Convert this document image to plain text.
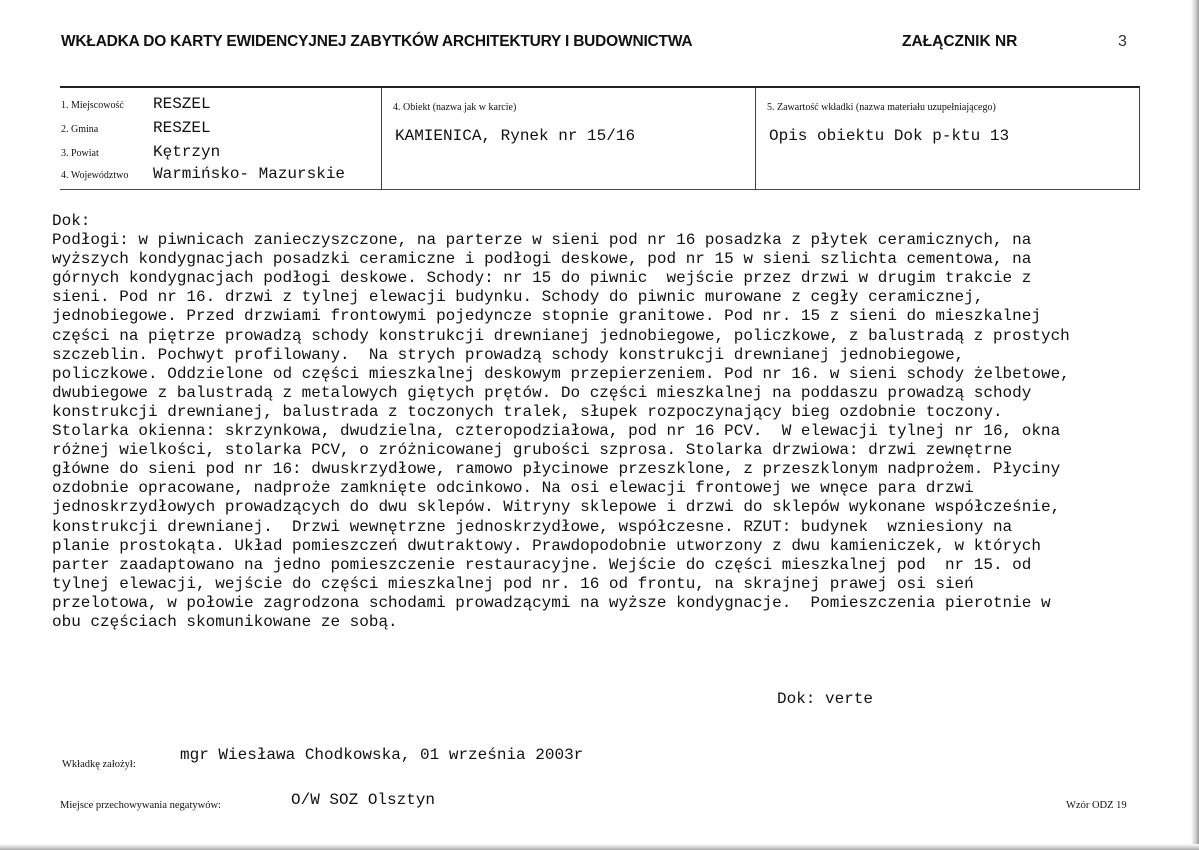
WKŁADKA DO KARTY EWIDENCYJNEJ ZABYTKÓW ARCHITEKTURY I BUDOWNICTWA	ZAŁĄCZNIK NR	3
1. Miejscowość RESZEL
2. Gmina	RESZEL
3. Powiat	Kętrzyn
4. Województwo Warmińsko- Mazurskie
4. Obiekt (nazwa jak w karcie)
KAMIENICA, Rynek nr 15/16
5. Zawartość wkładki (nazwa materiału uzupełniającego)
Opis obiektu Dok p-ktu 13
Dok:
Podłogi: w piwnicach zanieczyszczone, na parterze w sieni pod nr 16 posadzka z płytek ceramicznych, na
wyższych kondygnacjach posadzki ceramiczne i podłogi deskowe, pod nr 15 w sieni szlichta cementowa, na
górnych kondygnacjach podłogi deskowe. Schody: nr 15 do piwnic  wejście przez drzwi w drugim trakcie z
sieni. Pod nr 16. drzwi z tylnej elewacji budynku. Schody do piwnic murowane z cegły ceramicznej,
jednobiegowe. Przed drzwiami frontowymi pojedyncze stopnie granitowe. Pod nr. 15 z sieni do mieszkalnej
części na piętrze prowadzą schody konstrukcji drewnianej jednobiegowe, policzkowe, z balustradą z prostych
szczeblin. Pochwyt profilowany.  Na strych prowadzą schody konstrukcji drewnianej jednobiegowe,
policzkowe. Oddzielone od części mieszkalnej deskowym przepierzeniem. Pod nr 16. w sieni schody żelbetowe,
dwubiegowe z balustradą z metalowych giętych prętów. Do części mieszkalnej na poddaszu prowadzą schody
konstrukcji drewnianej, balustrada z toczonych tralek, słupek rozpoczynający bieg ozdobnie toczony.
Stolarka okienna: skrzynkowa, dwudzielna, czteropodziałowa, pod nr 16 PCV.  W elewacji tylnej nr 16, okna
różnej wielkości, stolarka PCV, o zróżnicowanej grubości szprosa. Stolarka drzwiowa: drzwi zewnętrne
główne do sieni pod nr 16: dwuskrzydłowe, ramowo płycinowe przeszklone, z przeszklonym nadprożem. Płyciny
ozdobnie opracowane, nadproże zamknięte odcinkowo. Na osi elewacji frontowej we wnęce para drzwi
jednoskrzydłowych prowadzących do dwu sklepów. Witryny sklepowe i drzwi do sklepów wykonane współcześnie,
konstrukcji drewnianej.  Drzwi wewnętrzne jednoskrzydłowe, współczesne. RZUT: budynek  wzniesiony na
planie prostokąta. Układ pomieszczeń dwutraktowy. Prawdopodobnie utworzony z dwu kamieniczek, w których
parter zaadaptowano na jedno pomieszczenie restauracyjne. Wejście do części mieszkalnej pod  nr 15. od
tylnej elewacji, wejście do części mieszkalnej pod nr. 16 od frontu, na skrajnej prawej osi sień
przelotowa, w połowie zagrodzona schodami prowadzącymi na wyższe kondygnacje.  Pomieszczenia pierotnie w
obu częściach skomunikowane ze sobą.
Dok: verte
Wkładkę założył:
mgr Wiesława Chodkowska, 01 września 2003r
Miejsce przechowywania negatywów:	O/W SOZ Olsztyn	Wzór ODZ 19
